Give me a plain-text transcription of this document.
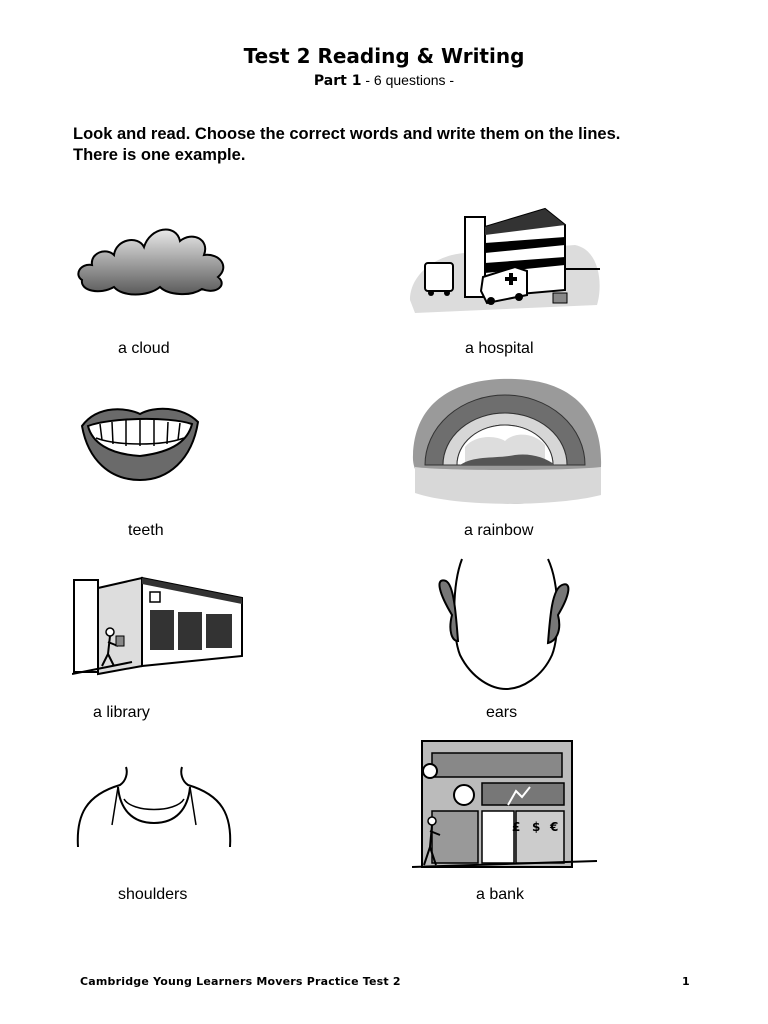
Test 2 Reading & Writing
Part 1 - 6 questions -
Look and read. Choose the correct words and write them on the lines. There is one example.
a cloud	a hospital
teeth	a rainbow
a library	ears
£ $ €
shoulders	a bank
Cambridge Young Learners Movers Practice Test 2	1
